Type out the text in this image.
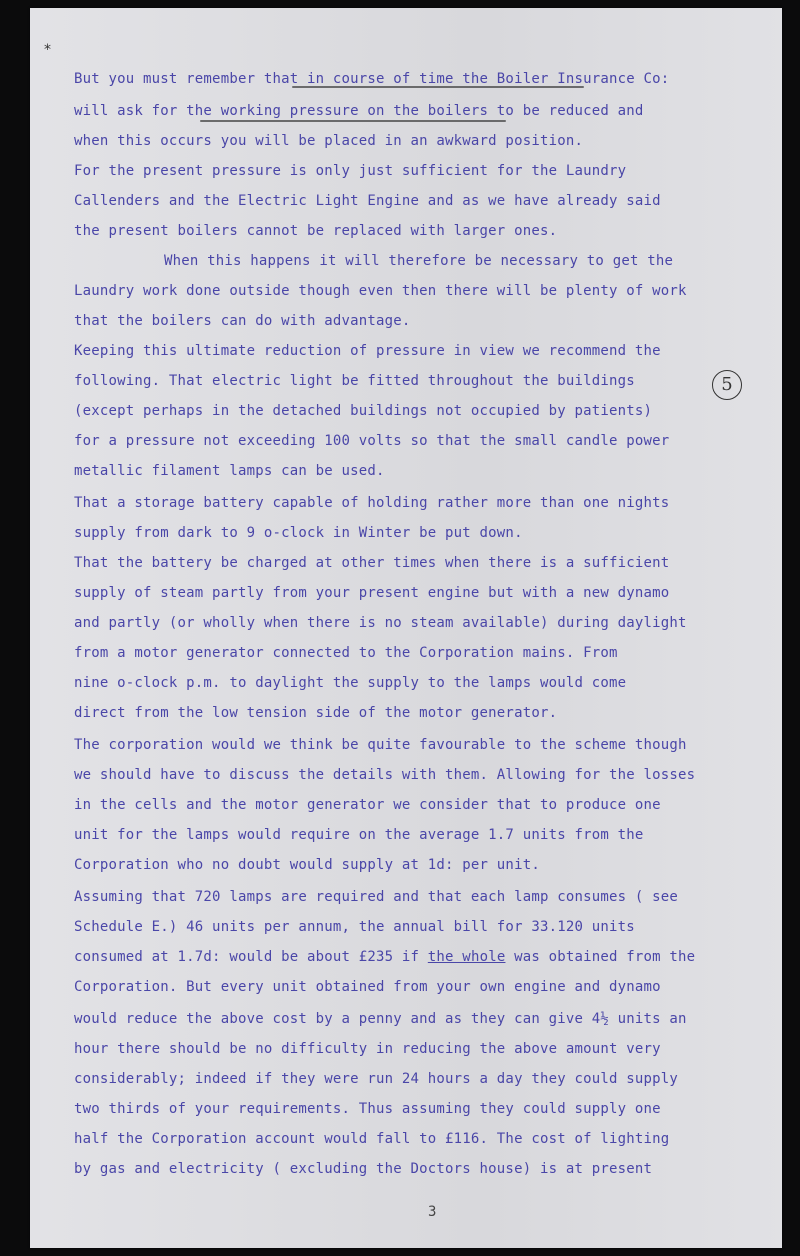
*
5
But you must remember that in course of time the Boiler Insurance Co:
will ask for the working pressure on the boilers to be reduced and
when this occurs you will be placed in an awkward position.
For the present pressure is only just sufficient for the Laundry
Callenders and the Electric Light Engine and as we have already said
the present boilers cannot be replaced with larger ones.
When this happens it will therefore be necessary to get the
Laundry work done outside though even then there will be plenty of work
that the boilers can do with advantage.
Keeping this ultimate reduction of pressure in view we recommend the
following. That electric light be fitted throughout the buildings
(except perhaps in the detached buildings not occupied by patients)
for a pressure not exceeding 100 volts so that the small candle power
metallic filament lamps can be used.
That a storage battery capable of holding rather more than one nights
supply from dark to 9 o-clock in Winter be put down.
That the battery be charged at other times when there is a sufficient
supply of steam partly from your present engine but with a new dynamo
and partly (or wholly when there is no steam available) during daylight
from a motor generator connected to the Corporation mains. From
nine o-clock p.m. to daylight the supply to the lamps would come
direct from the low tension side of the motor generator.
The corporation would we think be quite favourable to the scheme though
we should have to discuss the details with them. Allowing for the losses
in the cells and the motor generator we consider that to produce one
unit for the lamps would require on the average 1.7 units from the
Corporation who no doubt would supply at 1d: per unit.
Assuming that 720 lamps are required and that each lamp consumes ( see
Schedule E.) 46 units per annum, the annual bill for 33.120 units
consumed at 1.7d: would be about £235 if the whole was obtained from the
Corporation. But every unit obtained from your own engine and dynamo
would reduce the above cost by a penny and as they can give 4½ units an
hour there should be no difficulty in reducing the above amount very
considerably; indeed if they were run 24 hours a day they could supply
two thirds of your requirements. Thus assuming they could supply one
half the Corporation account would fall to £116. The cost of lighting
by gas and electricity ( excluding the Doctors house) is at present
3
